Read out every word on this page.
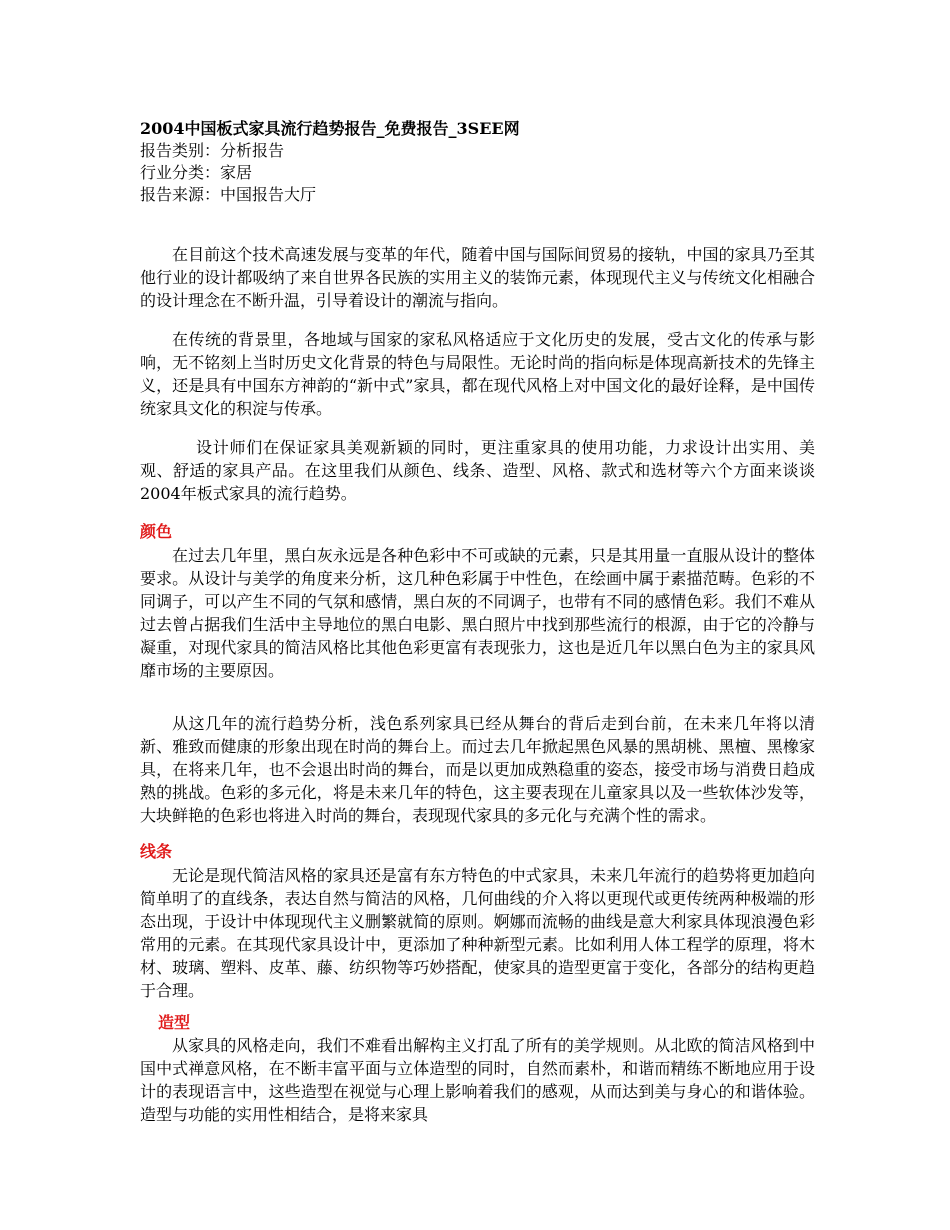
2004中国板式家具流行趋势报告_免费报告_3SEE网
报告类别：分析报告
行业分类：家居
报告来源：中国报告大厅

在目前这个技术高速发展与变革的年代，随着中国与国际间贸易的接轨，中国的家具乃至其他行业的设计都吸纳了来自世界各民族的实用主义的装饰元素，体现现代主义与传统文化相融合的设计理念在不断升温，引导着设计的潮流与指向。

在传统的背景里，各地域与国家的家私风格适应于文化历史的发展，受古文化的传承与影响，无不铭刻上当时历史文化背景的特色与局限性。无论时尚的指向标是体现高新技术的先锋主义，还是具有中国东方神韵的“新中式”家具，都在现代风格上对中国文化的最好诠释，是中国传统家具文化的积淀与传承。

设计师们在保证家具美观新颖的同时，更注重家具的使用功能，力求设计出实用、美观、舒适的家具产品。在这里我们从颜色、线条、造型、风格、款式和选材等六个方面来谈谈2004年板式家具的流行趋势。

颜色

在过去几年里，黑白灰永远是各种色彩中不可或缺的元素，只是其用量一直服从设计的整体要求。从设计与美学的角度来分析，这几种色彩属于中性色，在绘画中属于素描范畴。色彩的不同调子，可以产生不同的气氛和感情，黑白灰的不同调子，也带有不同的感情色彩。我们不难从过去曾占据我们生活中主导地位的黑白电影、黑白照片中找到那些流行的根源，由于它的冷静与凝重，对现代家具的简洁风格比其他色彩更富有表现张力，这也是近几年以黑白色为主的家具风靡市场的主要原因。

从这几年的流行趋势分析，浅色系列家具已经从舞台的背后走到台前，在未来几年将以清新、雅致而健康的形象出现在时尚的舞台上。而过去几年掀起黑色风暴的黑胡桃、黑檀、黑橡家具，在将来几年，也不会退出时尚的舞台，而是以更加成熟稳重的姿态，接受市场与消费日趋成熟的挑战。色彩的多元化，将是未来几年的特色，这主要表现在儿童家具以及一些软体沙发等，大块鲜艳的色彩也将进入时尚的舞台，表现现代家具的多元化与充满个性的需求。

线条

无论是现代简洁风格的家具还是富有东方特色的中式家具，未来几年流行的趋势将更加趋向简单明了的直线条，表达自然与简洁的风格，几何曲线的介入将以更现代或更传统两种极端的形态出现，于设计中体现现代主义删繁就简的原则。婀娜而流畅的曲线是意大利家具体现浪漫色彩常用的元素。在其现代家具设计中，更添加了种种新型元素。比如利用人体工程学的原理，将木材、玻璃、塑料、皮革、藤、纺织物等巧妙搭配，使家具的造型更富于变化，各部分的结构更趋于合理。

造型

从家具的风格走向，我们不难看出解构主义打乱了所有的美学规则。从北欧的简洁风格到中国中式禅意风格，在不断丰富平面与立体造型的同时，自然而素朴，和谐而精练不断地应用于设计的表现语言中，这些造型在视觉与心理上影响着我们的感观，从而达到美与身心的和谐体验。造型与功能的实用性相结合，是将来家具
